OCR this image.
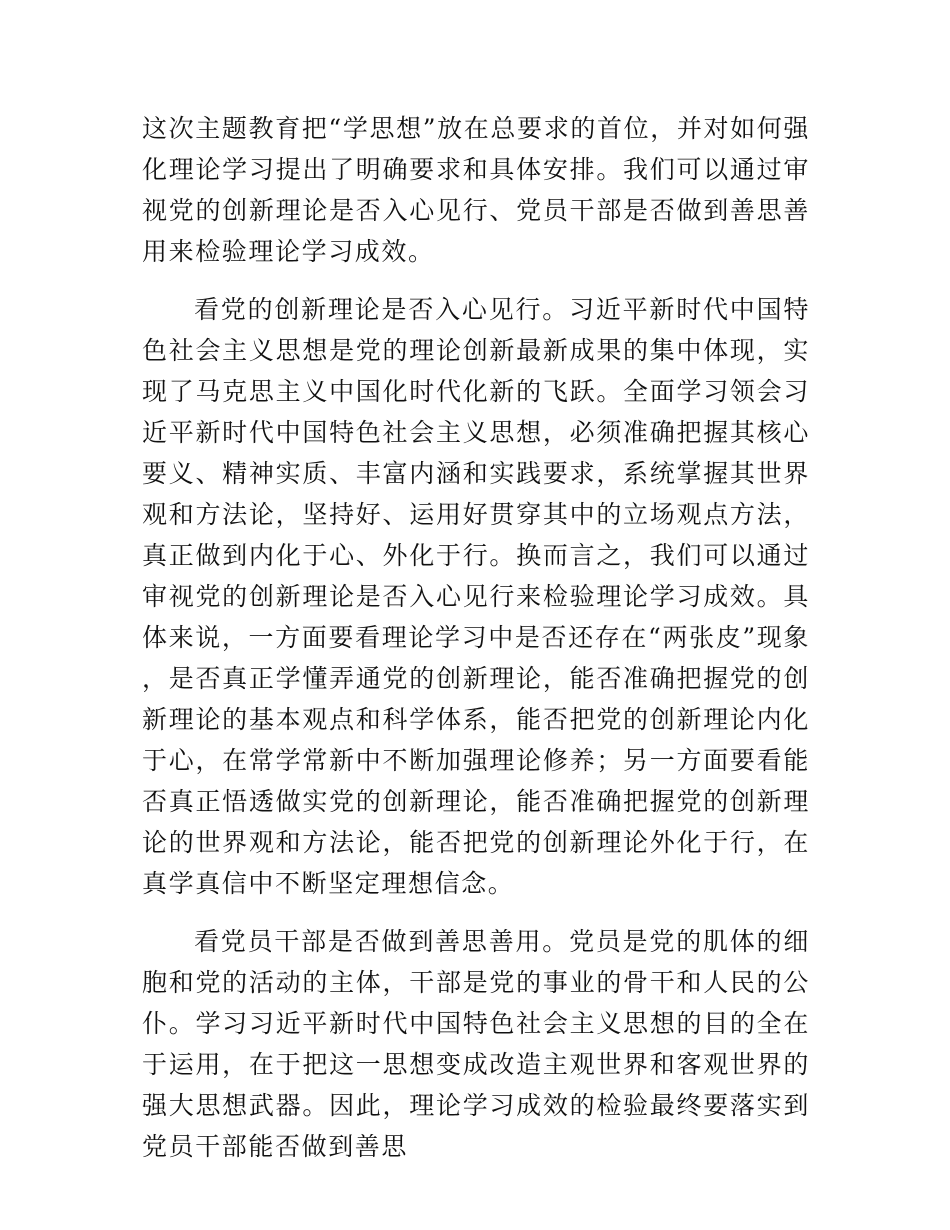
这次主题教育把“学思想”放在总要求的首位，并对如何强化理论学习提出了明确要求和具体安排。我们可以通过审视党的创新理论是否入心见行、党员干部是否做到善思善用来检验理论学习成效。

看党的创新理论是否入心见行。习近平新时代中国特色社会主义思想是党的理论创新最新成果的集中体现，实现了马克思主义中国化时代化新的飞跃。全面学习领会习近平新时代中国特色社会主义思想，必须准确把握其核心要义、精神实质、丰富内涵和实践要求，系统掌握其世界观和方法论，坚持好、运用好贯穿其中的立场观点方法，真正做到内化于心、外化于行。换而言之，我们可以通过审视党的创新理论是否入心见行来检验理论学习成效。具体来说，一方面要看理论学习中是否还存在“两张皮”现象，是否真正学懂弄通党的创新理论，能否准确把握党的创新理论的基本观点和科学体系，能否把党的创新理论内化于心，在常学常新中不断加强理论修养；另一方面要看能否真正悟透做实党的创新理论，能否准确把握党的创新理论的世界观和方法论，能否把党的创新理论外化于行，在真学真信中不断坚定理想信念。

看党员干部是否做到善思善用。党员是党的肌体的细胞和党的活动的主体，干部是党的事业的骨干和人民的公仆。学习习近平新时代中国特色社会主义思想的目的全在于运用，在于把这一思想变成改造主观世界和客观世界的强大思想武器。因此，理论学习成效的检验最终要落实到党员干部能否做到善思
